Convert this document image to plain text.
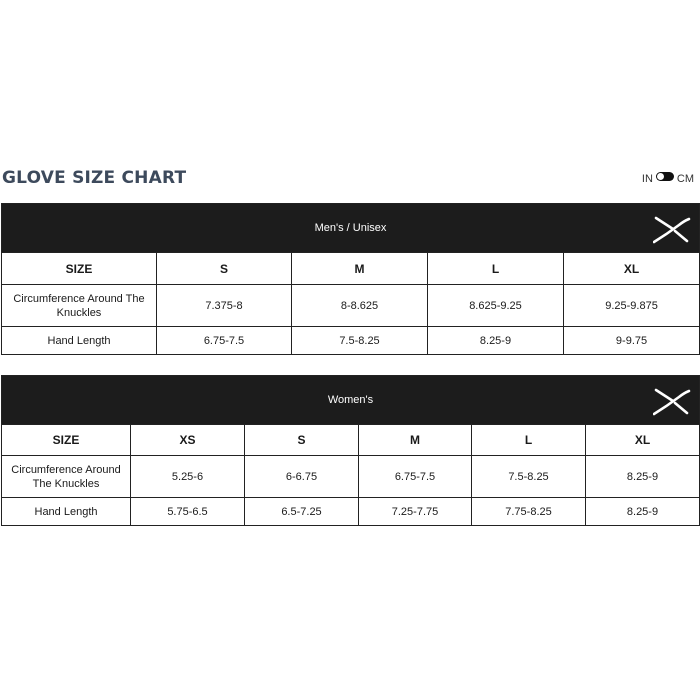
GLOVE SIZE CHART	IN CM
Men's / Unisex				

SIZE	S	M	L	XL
Circumference Around The Knuckles	7.375-8	8-8.625	8.625-9.25	9.25-9.875
Hand Length	6.75-7.5	7.5-8.25	8.25-9	9-9.75
Women's					

SIZE	XS	S	M	L	XL
Circumference Around The Knuckles	5.25-6	6-6.75	6.75-7.5	7.5-8.25	8.25-9
Hand Length	5.75-6.5	6.5-7.25	7.25-7.75	7.75-8.25	8.25-9
